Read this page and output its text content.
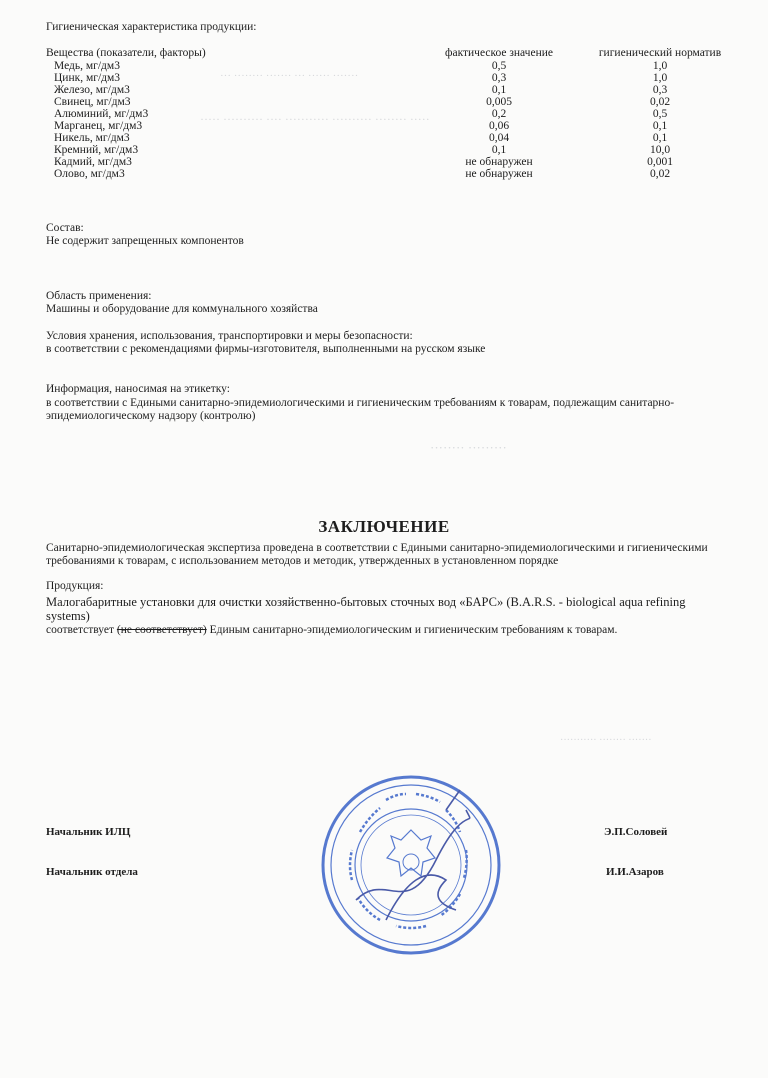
··· ········ ······· ··· ······ ·······
····· ·········· ···· ··········· ·········· ········ ·····
········ ·········
··········· ········ ·······
Гигиеническая характеристика продукции:
Вещества (показатели, факторы)	фактическое значение	гигиенический норматив
Медь, мг/дм3	0,5	1,0
Цинк, мг/дм3	0,3	1,0
Железо, мг/дм3	0,1	0,3
Свинец, мг/дм3	0,005	0,02
Алюминий, мг/дм3	0,2	0,5
Марганец, мг/дм3	0,06	0,1
Никель, мг/дм3	0,04	0,1
Кремний, мг/дм3	0,1	10,0
Кадмий, мг/дм3	не обнаружен	0,001
Олово, мг/дм3	не обнаружен	0,02
Состав:
Не содержит запрещенных компонентов
Область применения:
Машины и оборудование для коммунального хозяйства
Условия хранения, использования, транспортировки и меры безопасности:
в соответствии с рекомендациями фирмы-изготовителя, выполненными на русском языке
Информация, наносимая на этикетку:
в соответствии с Едиными санитарно-эпидемиологическими и гигиеническим требованиям к товарам, подлежащим санитарно-
эпидемиологическому надзору (контролю)
ЗАКЛЮЧЕНИЕ
Санитарно-эпидемиологическая экспертиза проведена в соответствии с Едиными санитарно-эпидемиологическими и гигиеническими
требованиями к товарам, с использованием методов и методик, утвержденных в установленном порядке
Продукция:
Малогабаритные установки для очистки хозяйственно-бытовых сточных вод «БАРС» (B.A.R.S. - biological aqua refining
systems)
соответствует (не соответствует) Единым санитарно-эпидемиологическим и гигиеническим требованиям к товарам.
Начальник ИЛЦ	Э.П.Соловей
Начальник отдела	И.И.Азаров
